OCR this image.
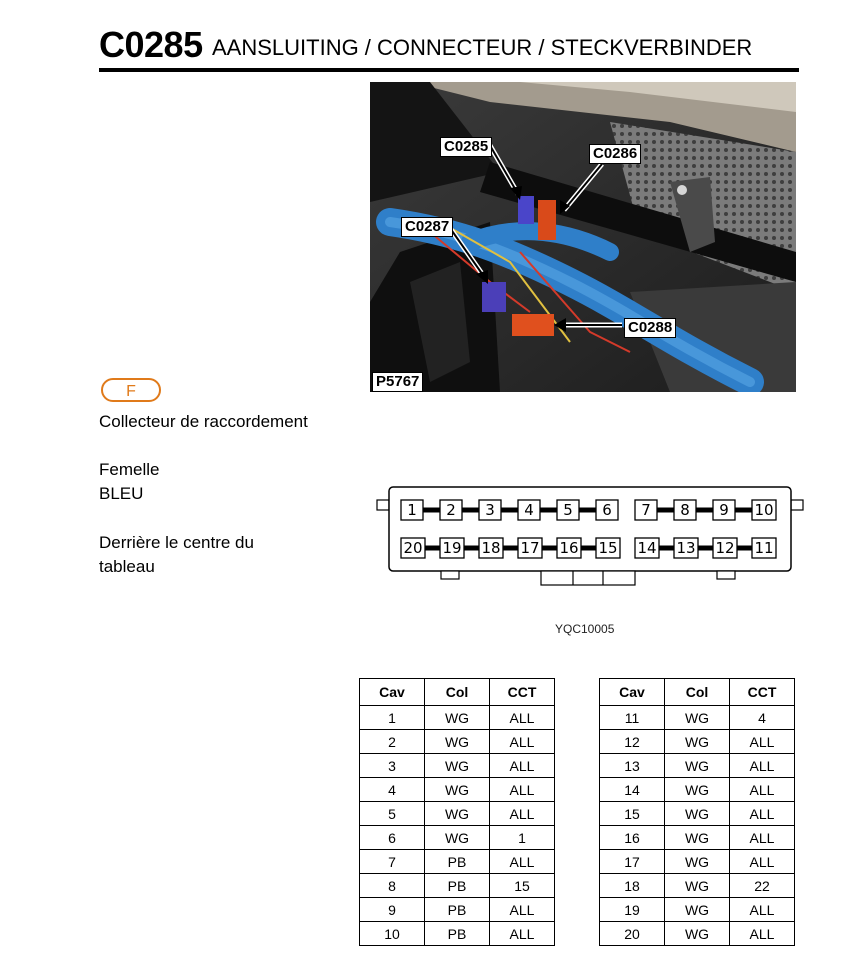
C0285 AANSLUITING / CONNECTEUR / STECKVERBINDER
C0285	C0286
C0287
C0288
P5767
F
Collecteur de raccordement
Femelle
BLEU
Derrière le centre du
tableau
1 2 3 4 5 6 7 8 9 10
20 19 18 17 16 15 14 13 12 11
YQC10005
Cav	Col	CCT
1	WG	ALL
2	WG	ALL
3	WG	ALL
4	WG	ALL
5	WG	ALL
6	WG	1
7	PB	ALL
8	PB	15
9	PB	ALL
10	PB	ALL
Cav	Col	CCT
11	WG	4
12	WG	ALL
13	WG	ALL
14	WG	ALL
15	WG	ALL
16	WG	ALL
17	WG	ALL
18	WG	22
19	WG	ALL
20	WG	ALL
